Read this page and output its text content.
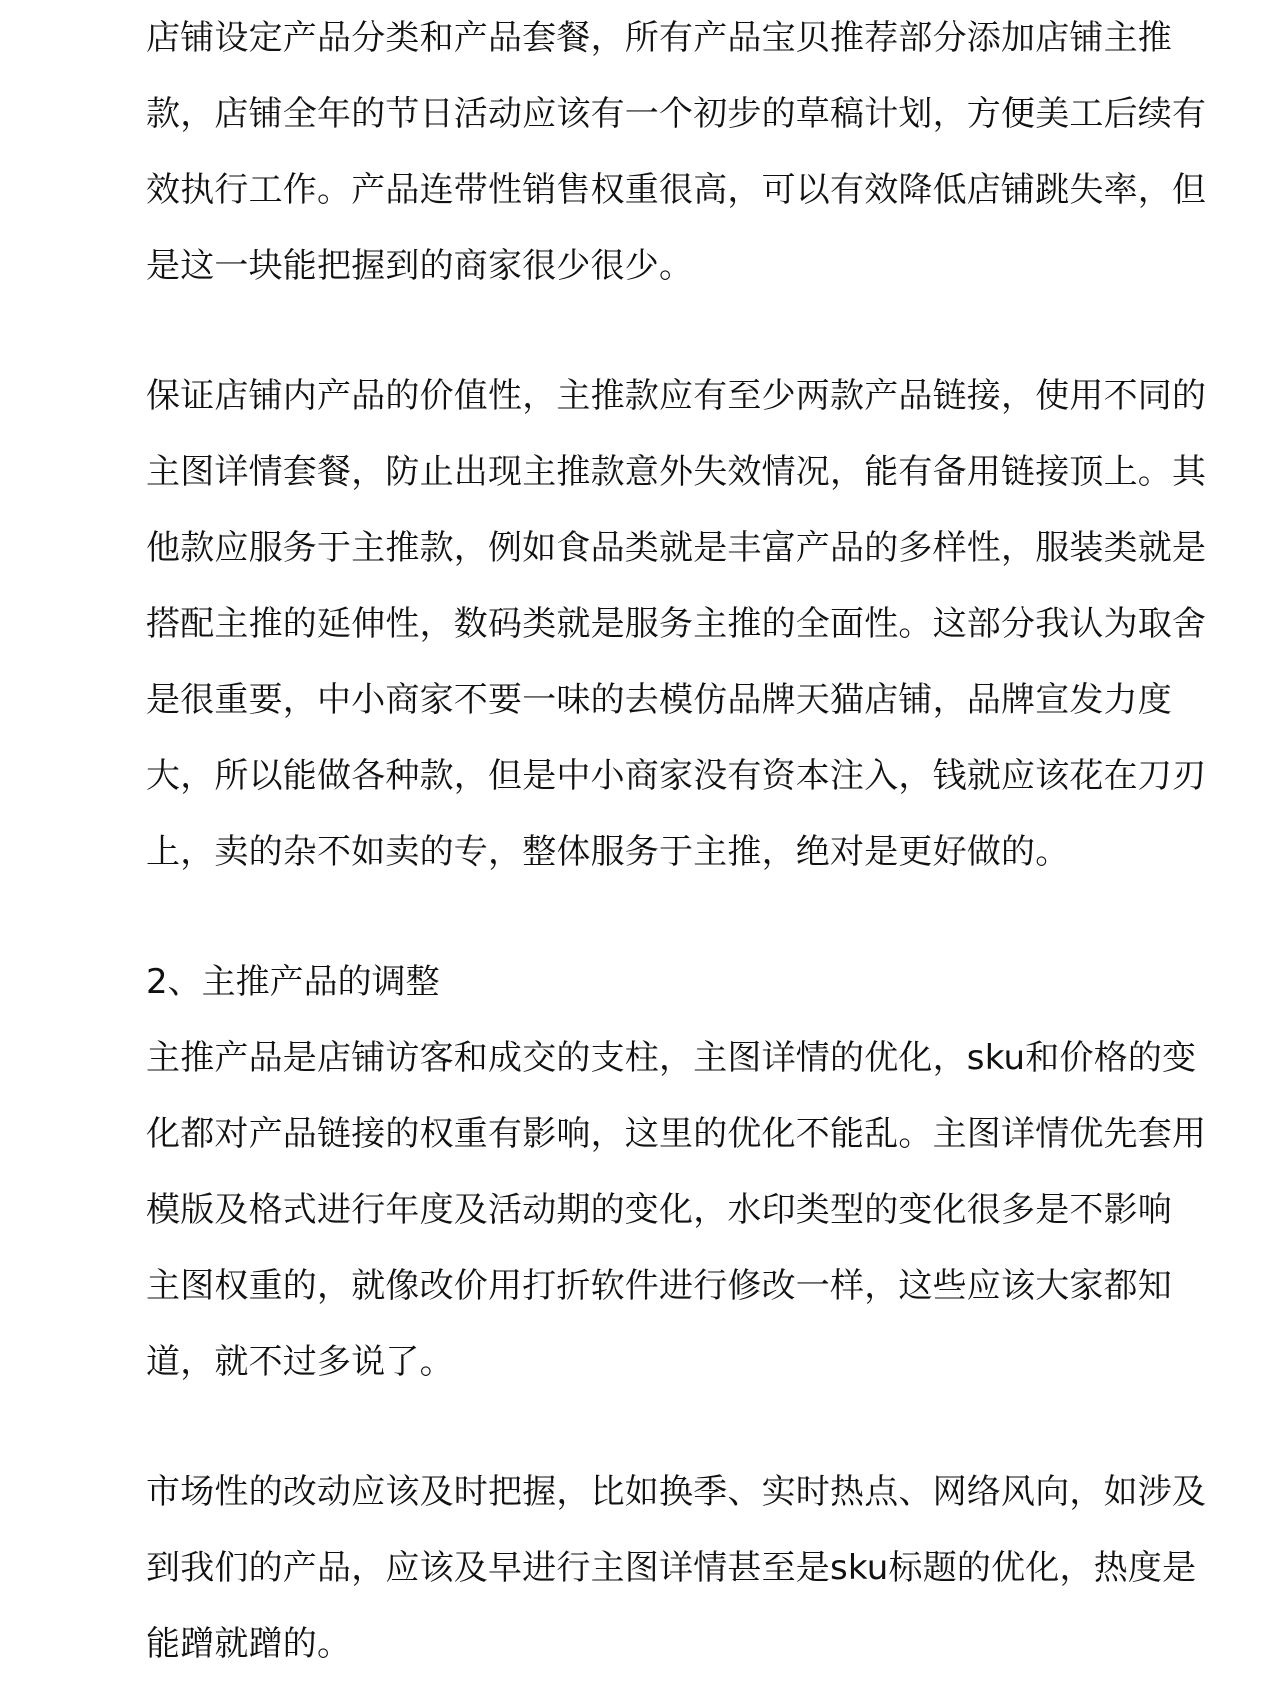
店铺设定产品分类和产品套餐，所有产品宝贝推荐部分添加店铺主推
款，店铺全年的节日活动应该有一个初步的草稿计划，方便美工后续有
效执行工作。产品连带性销售权重很高，可以有效降低店铺跳失率，但
是这一块能把握到的商家很少很少。
保证店铺内产品的价值性，主推款应有至少两款产品链接，使用不同的
主图详情套餐，防止出现主推款意外失效情况，能有备用链接顶上。其
他款应服务于主推款，例如食品类就是丰富产品的多样性，服装类就是
搭配主推的延伸性，数码类就是服务主推的全面性。这部分我认为取舍
是很重要，中小商家不要一味的去模仿品牌天猫店铺，品牌宣发力度
大，所以能做各种款，但是中小商家没有资本注入，钱就应该花在刀刃
上，卖的杂不如卖的专，整体服务于主推，绝对是更好做的。
2、主推产品的调整
主推产品是店铺访客和成交的支柱，主图详情的优化，sku和价格的变
化都对产品链接的权重有影响，这里的优化不能乱。主图详情优先套用
模版及格式进行年度及活动期的变化，水印类型的变化很多是不影响
主图权重的，就像改价用打折软件进行修改一样，这些应该大家都知
道，就不过多说了。
市场性的改动应该及时把握，比如换季、实时热点、网络风向，如涉及
到我们的产品，应该及早进行主图详情甚至是sku标题的优化，热度是
能蹭就蹭的。
